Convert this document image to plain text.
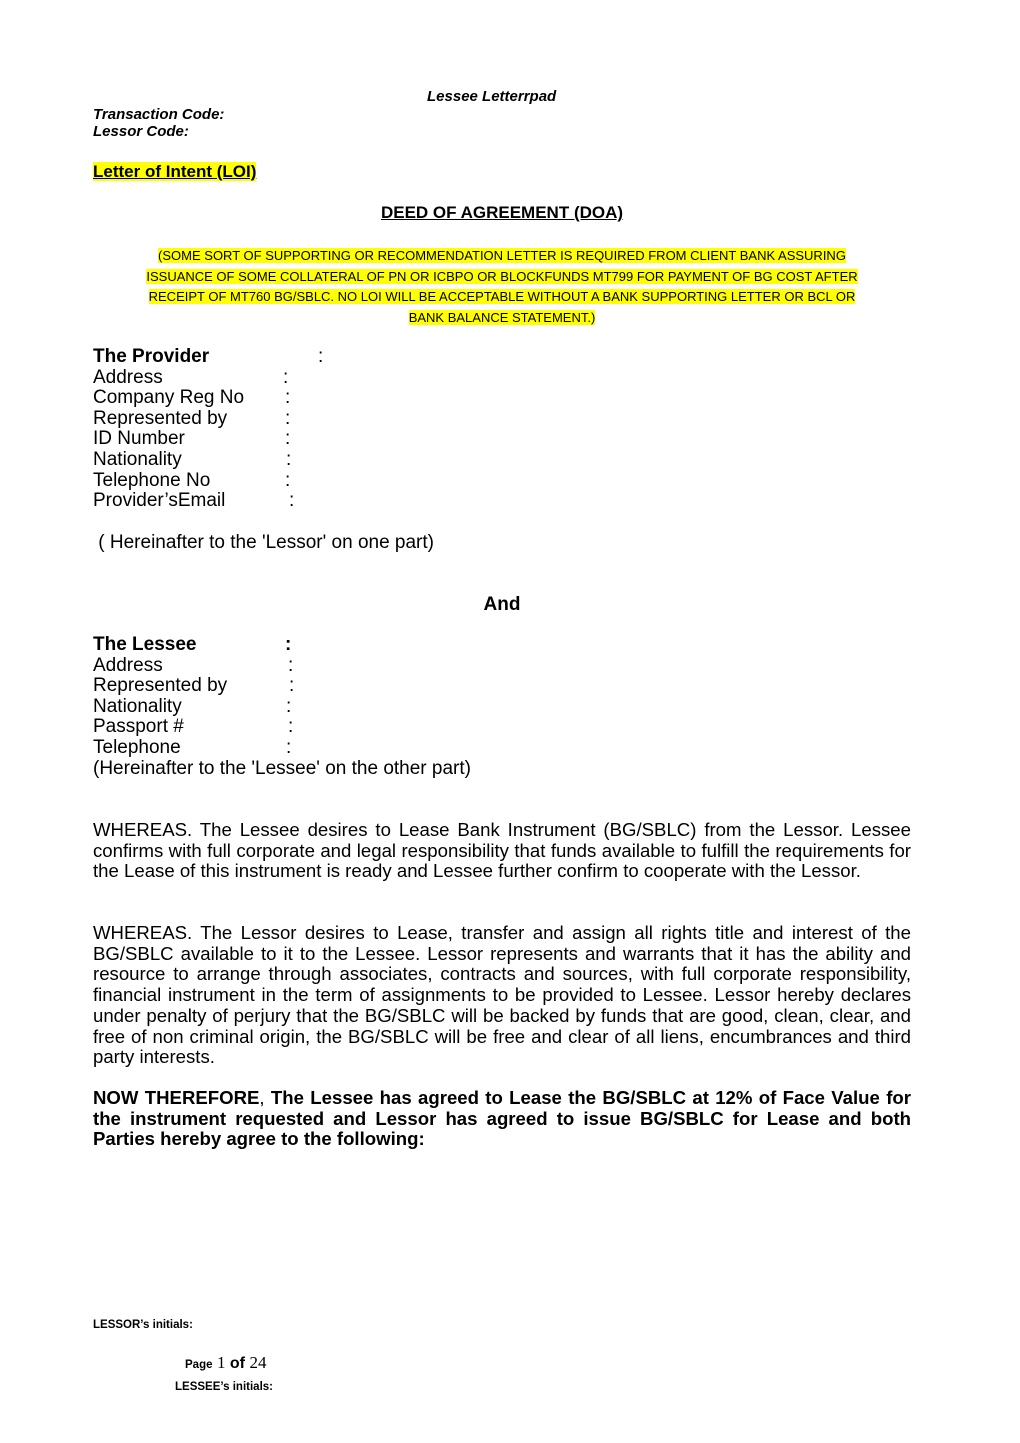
Lessee Letterrpad
Transaction Code:
Lessor Code:
Letter of Intent (LOI)
DEED OF AGREEMENT (DOA)
(SOME SORT OF SUPPORTING OR RECOMMENDATION LETTER IS REQUIRED FROM CLIENT BANK ASSURING
ISSUANCE OF SOME COLLATERAL OF PN OR ICBPO OR BLOCKFUNDS MT799 FOR PAYMENT OF BG COST AFTER
RECEIPT OF MT760 BG/SBLC. NO LOI WILL BE ACCEPTABLE WITHOUT A BANK SUPPORTING LETTER OR BCL OR
BANK BALANCE STATEMENT.)
The Provider	:
Address	:
Company Reg No :
Represented by	:
ID Number	:
Nationality	:
Telephone No	:
Provider’sEmail	:
( Hereinafter to the 'Lessor' on one part)
And
The Lessee	:
Address	:
Represented by	:
Nationality	:
Passport #	:
Telephone	:
(Hereinafter to the 'Lessee' on the other part)
WHEREAS. The Lessee desires to Lease Bank Instrument (BG/SBLC) from the Lessor. Lessee confirms with full corporate and legal responsibility that funds available to fulfill the requirements for the Lease of this instrument is ready and Lessee further confirm to cooperate with the Lessor.
WHEREAS. The Lessor desires to Lease, transfer and assign all rights title and interest of the BG/SBLC available to it to the Lessee. Lessor represents and warrants that it has the ability and resource to arrange through associates, contracts and sources, with full corporate responsibility, financial instrument in the term of assignments to be provided to Lessee. Lessor hereby declares under penalty of perjury that the BG/SBLC will be backed by funds that are good, clean, clear, and free of non criminal origin, the BG/SBLC will be free and clear of all liens, encumbrances and third party interests.
NOW THEREFORE, The Lessee has agreed to Lease the BG/SBLC at 12% of Face Value for the instrument requested and Lessor has agreed to issue BG/SBLC for Lease and both Parties hereby agree to the following:
LESSOR’s initials:
Page 1 of 24
LESSEE’s initials:
